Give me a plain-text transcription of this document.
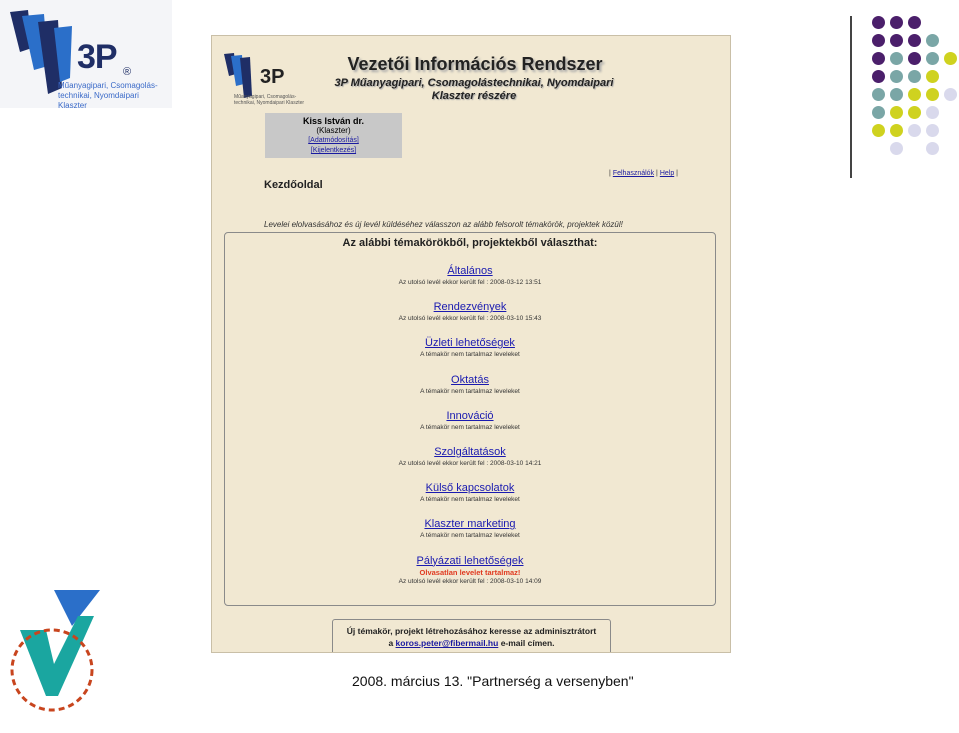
3P ®
Műanyagipari, Csomagolás-
technikai, Nyomdaipari Klaszter
3P
Műanyagipari, Csomagolás-technikai, Nyomdaipari Klaszter
Vezetői Információs Rendszer
3P Műanyagipari, Csomagolástechnikai, Nyomdaipari
Klaszter részére
Kiss István dr.
(Klaszter)
[Adatmódosítás]
[Kijelentkezés]
| Felhasználók | Help |
Kezdőoldal
Levelei elolvasásához és új levél küldéséhez válasszon az alább felsorolt témakörök, projektek közül!
Az alábbi témakörökből, projektekből választhat:
Általános
Az utolsó levél ekkor került fel : 2008-03-12 13:51
Rendezvények
Az utolsó levél ekkor került fel : 2008-03-10 15:43
Üzleti lehetőségek
A témakör nem tartalmaz leveleket
Oktatás
A témakör nem tartalmaz leveleket
Innováció
A témakör nem tartalmaz leveleket
Szolgáltatások
Az utolsó levél ekkor került fel : 2008-03-10 14:21
Külső kapcsolatok
A témakör nem tartalmaz leveleket
Klaszter marketing
A témakör nem tartalmaz leveleket
Pályázati lehetőségek
Olvasatlan levelet tartalmaz!
Az utolsó levél ekkor került fel : 2008-03-10 14:09
Új témakör, projekt létrehozásához keresse az adminisztrátort
a koros.peter@fibermail.hu e-mail címen.
2008. március 13. "Partnerség a versenyben"
